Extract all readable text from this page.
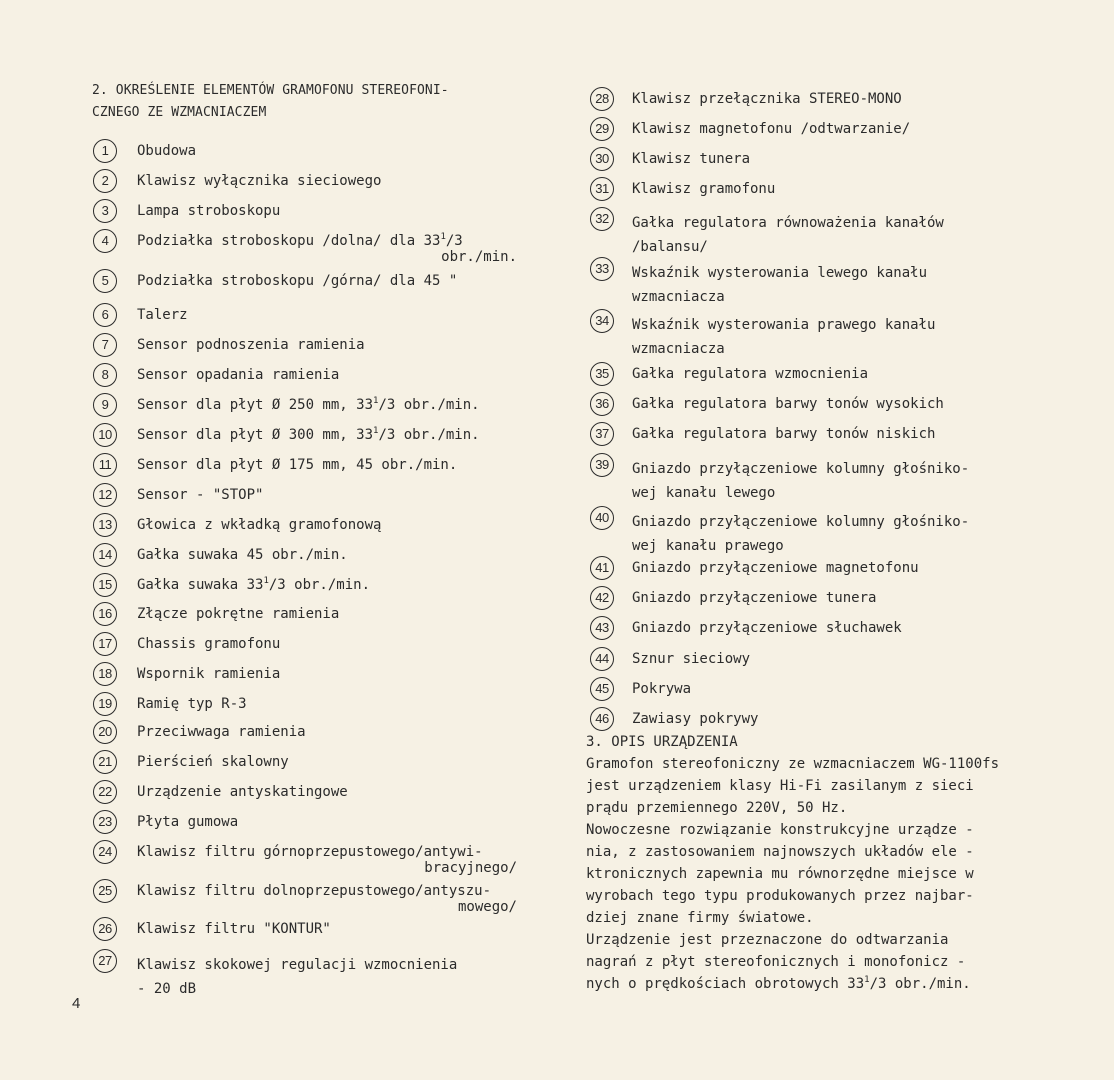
2. OKREŚLENIE ELEMENTÓW GRAMOFONU STEREOFONI-
CZNEGO ZE WZMACNIACZEM
1	Obudowa
2	Klawisz wyłącznika sieciowego
3	Lampa stroboskopu
4	Podziałka stroboskopu /dolna/ dla $33^1/3$
obr./min.
5	Podziałka stroboskopu /górna/ dla 45 "
6	Talerz
7	Sensor podnoszenia ramienia
8	Sensor opadania ramienia
9	Sensor dla płyt Ø 250 mm, $33^1/3$ obr./min.
10	Sensor dla płyt Ø 300 mm, $33^1/3$ obr./min.
11	Sensor dla płyt Ø 175 mm, 45 obr./min.
12	Sensor - "STOP"
13	Głowica z wkładką gramofonową
14	Gałka suwaka 45 obr./min.
15	Gałka suwaka $33^1/3$ obr./min.
16	Złącze pokrętne ramienia
17	Chassis gramofonu
18	Wspornik ramienia
19	Ramię typ R-3
20	Przeciwwaga ramienia
21	Pierścień skalowny
22	Urządzenie antyskatingowe
23	Płyta gumowa
24	Klawisz filtru górnoprzepustowego/antywi-
bracyjnego/
25	Klawisz filtru dolnoprzepustowego/antyszu-
mowego/
26	Klawisz filtru "KONTUR"
27	Klawisz skokowej regulacji wzmocnienia
- 20 dB
28	Klawisz przełącznika STEREO-MONO
29	Klawisz magnetofonu /odtwarzanie/
30	Klawisz tunera
31	Klawisz gramofonu
32	Gałka regulatora równoważenia kanałów
/balansu/
33	Wskaźnik wysterowania lewego kanału
wzmacniacza
34	Wskaźnik wysterowania prawego kanału
wzmacniacza
35	Gałka regulatora wzmocnienia
36	Gałka regulatora barwy tonów wysokich
37	Gałka regulatora barwy tonów niskich
39	Gniazdo przyłączeniowe kolumny głośniko-
wej kanału lewego
40	Gniazdo przyłączeniowe kolumny głośniko-
wej kanału prawego
41	Gniazdo przyłączeniowe magnetofonu
42	Gniazdo przyłączeniowe tunera
43	Gniazdo przyłączeniowe słuchawek
44	Sznur sieciowy
45	Pokrywa
46	Zawiasy pokrywy
3. OPIS URZĄDZENIA
Gramofon stereofoniczny ze wzmacniaczem WG-1100fs
jest urządzeniem klasy Hi-Fi zasilanym z sieci
prądu przemiennego 220V, 50 Hz.
Nowoczesne rozwiązanie konstrukcyjne urządze -
nia, z zastosowaniem najnowszych układów ele -
ktronicznych zapewnia mu równorzędne miejsce w
wyrobach tego typu produkowanych przez najbar-
dziej znane firmy światowe.
Urządzenie jest przeznaczone do odtwarzania
nagrań z płyt stereofonicznych i monofonicz -
nych o prędkościach obrotowych $33^1/3$ obr./min.
4
